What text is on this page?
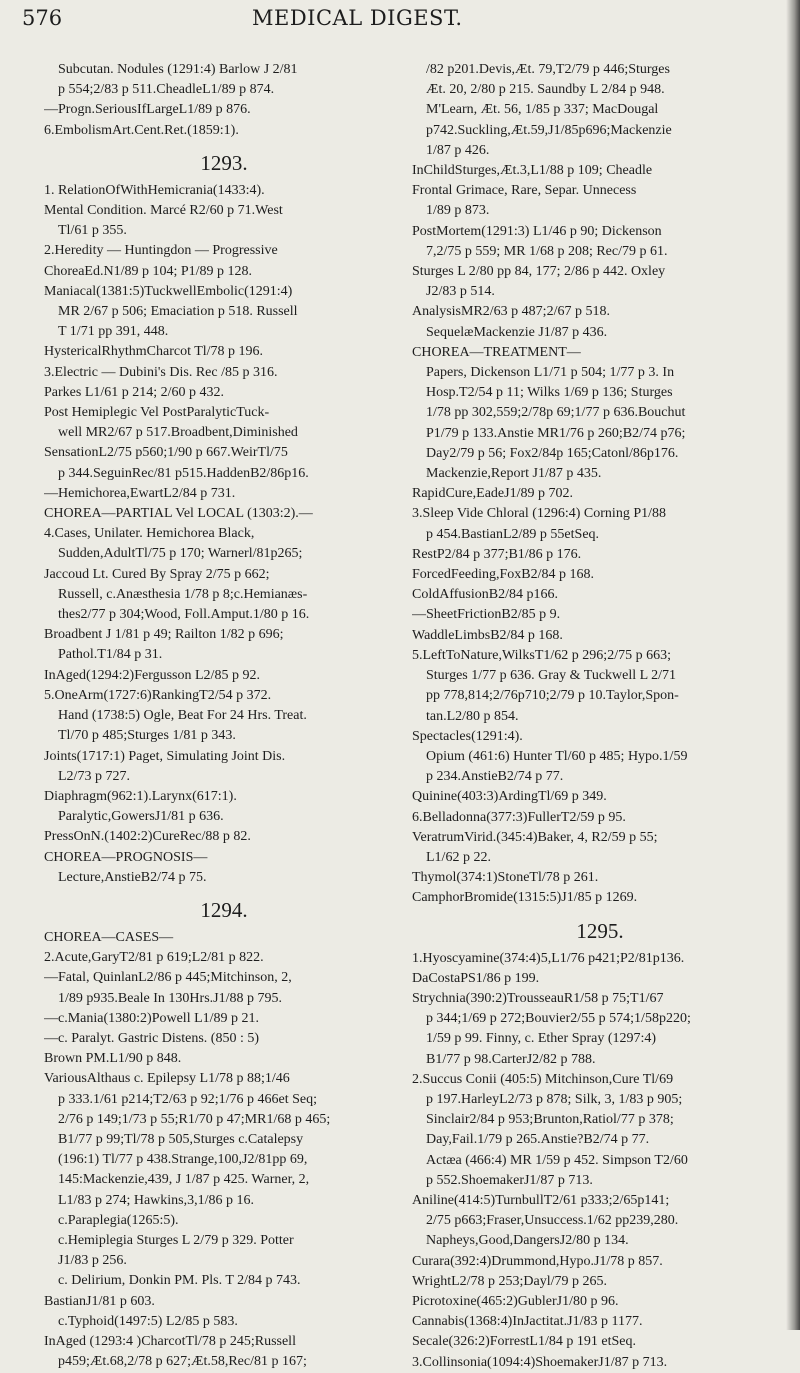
576	MEDICAL DIGEST.
Subcutan. Nodules (1291:4) Barlow J 2/81
p 554;2/83 p 511.CheadleL1/89 p 874.
—Progn.SeriousIfLargeL1/89 p 876.
6.EmbolismArt.Cent.Ret.(1859:1).
1293.
1. RelationOfWithHemicrania(1433:4).
Mental Condition. Marcé R2/60 p 71.West
Tl/61 p 355.
2.Heredity — Huntingdon — Progressive
ChoreaEd.N1/89 p 104; P1/89 p 128.
Maniacal(1381:5)TuckwellEmbolic(1291:4)
MR 2/67 p 506; Emaciation p 518. Russell
T 1/71 pp 391, 448.
HystericalRhythmCharcot Tl/78 p 196.
3.Electric — Dubini's Dis. Rec /85 p 316.
Parkes L1/61 p 214; 2/60 p 432.
Post Hemiplegic Vel PostParalyticTuck-
well MR2/67 p 517.Broadbent,Diminished
SensationL2/75 p560;1/90 p 667.WeirTl/75
p 344.SeguinRec/81 p515.HaddenB2/86p16.
—Hemichorea,EwartL2/84 p 731.
CHOREA—PARTIAL Vel LOCAL (1303:2).—
4.Cases, Unilater. Hemichorea Black,
Sudden,AdultTl/75 p 170; Warnerl/81p265;
Jaccoud Lt. Cured By Spray 2/75 p 662;
Russell, c.Anæsthesia 1/78 p 8;c.Hemianæs-
thes2/77 p 304;Wood, Foll.Amput.1/80 p 16.
Broadbent J 1/81 p 49; Railton 1/82 p 696;
Pathol.T1/84 p 31.
InAged(1294:2)Fergusson L2/85 p 92.
5.OneArm(1727:6)RankingT2/54 p 372.
Hand (1738:5) Ogle, Beat For 24 Hrs. Treat.
Tl/70 p 485;Sturges 1/81 p 343.
Joints(1717:1) Paget, Simulating Joint Dis.
L2/73 p 727.
Diaphragm(962:1).Larynx(617:1).
Paralytic,GowersJ1/81 p 636.
PressOnN.(1402:2)CureRec/88 p 82.
CHOREA—PROGNOSIS—
Lecture,AnstieB2/74 p 75.
1294.
CHOREA—CASES—
2.Acute,GaryT2/81 p 619;L2/81 p 822.
—Fatal, QuinlanL2/86 p 445;Mitchinson, 2,
1/89 p935.Beale In 130Hrs.J1/88 p 795.
—c.Mania(1380:2)Powell L1/89 p 21.
—c. Paralyt. Gastric Distens. (850 : 5)
Brown PM.L1/90 p 848.
VariousAlthaus c. Epilepsy L1/78 p 88;1/46
p 333.1/61 p214;T2/63 p 92;1/76 p 466et Seq;
2/76 p 149;1/73 p 55;R1/70 p 47;MR1/68 p 465;
B1/77 p 99;Tl/78 p 505,Sturges c.Catalepsy
(196:1) Tl/77 p 438.Strange,100,J2/81pp 69,
145:Mackenzie,439, J 1/87 p 425. Warner, 2,
L1/83 p 274; Hawkins,3,1/86 p 16.
c.Paraplegia(1265:5).
c.Hemiplegia Sturges L 2/79 p 329. Potter
J1/83 p 256.
c. Delirium, Donkin PM. Pls. T 2/84 p 743.
BastianJ1/81 p 603.
c.Typhoid(1497:5) L2/85 p 583.
InAged (1293:4 )CharcotTl/78 p 245;Russell
p459;Æt.68,2/78 p 627;Æt.58,Rec/81 p 167;
/82 p201.Devis,Æt. 79,T2/79 p 446;Sturges
Æt. 20, 2/80 p 215. Saundby L 2/84 p 948.
M'Learn, Æt. 56, 1/85 p 337; MacDougal
p742.Suckling,Æt.59,J1/85p696;Mackenzie
1/87 p 426.
InChildSturges,Æt.3,L1/88 p 109; Cheadle
Frontal Grimace, Rare, Separ. Unnecess
1/89 p 873.
PostMortem(1291:3) L1/46 p 90; Dickenson
7,2/75 p 559; MR 1/68 p 208; Rec/79 p 61.
Sturges L 2/80 pp 84, 177; 2/86 p 442. Oxley
J2/83 p 514.
AnalysisMR2/63 p 487;2/67 p 518.
SequelæMackenzie J1/87 p 436.
CHOREA—TREATMENT—
Papers, Dickenson L1/71 p 504; 1/77 p 3. In
Hosp.T2/54 p 11; Wilks 1/69 p 136; Sturges
1/78 pp 302,559;2/78p 69;1/77 p 636.Bouchut
P1/79 p 133.Anstie MR1/76 p 260;B2/74 p76;
Day2/79 p 56; Fox2/84p 165;Catonl/86p176.
Mackenzie,Report J1/87 p 435.
RapidCure,EadeJ1/89 p 702.
3.Sleep Vide Chloral (1296:4) Corning P1/88
p 454.BastianL2/89 p 55etSeq.
RestP2/84 p 377;B1/86 p 176.
ForcedFeeding,FoxB2/84 p 168.
ColdAffusionB2/84 p166.
—SheetFrictionB2/85 p 9.
WaddleLimbsB2/84 p 168.
5.LeftToNature,WilksT1/62 p 296;2/75 p 663;
Sturges 1/77 p 636. Gray & Tuckwell L 2/71
pp 778,814;2/76p710;2/79 p 10.Taylor,Spon-
tan.L2/80 p 854.
Spectacles(1291:4).
Opium (461:6) Hunter Tl/60 p 485; Hypo.1/59
p 234.AnstieB2/74 p 77.
Quinine(403:3)ArdingTl/69 p 349.
6.Belladonna(377:3)FullerT2/59 p 95.
VeratrumVirid.(345:4)Baker, 4, R2/59 p 55;
L1/62 p 22.
Thymol(374:1)StoneTl/78 p 261.
CamphorBromide(1315:5)J1/85 p 1269.
1295.
1.Hyoscyamine(374:4)5,L1/76 p421;P2/81p136.
DaCostaPS1/86 p 199.
Strychnia(390:2)TrousseauR1/58 p 75;T1/67
p 344;1/69 p 272;Bouvier2/55 p 574;1/58p220;
1/59 p 99. Finny, c. Ether Spray (1297:4)
B1/77 p 98.CarterJ2/82 p 788.
2.Succus Conii (405:5) Mitchinson,Cure Tl/69
p 197.HarleyL2/73 p 878; Silk, 3, 1/83 p 905;
Sinclair2/84 p 953;Brunton,Ratiol/77 p 378;
Day,Fail.1/79 p 265.Anstie?B2/74 p 77.
Actæa (466:4) MR 1/59 p 452. Simpson T2/60
p 552.ShoemakerJ1/87 p 713.
Aniline(414:5)TurnbullT2/61 p333;2/65p141;
2/75 p663;Fraser,Unsuccess.1/62 pp239,280.
Napheys,Good,DangersJ2/80 p 134.
Curara(392:4)Drummond,Hypo.J1/78 p 857.
WrightL2/78 p 253;Dayl/79 p 265.
Picrotoxine(465:2)GublerJ1/80 p 96.
Cannabis(1368:4)InJactitat.J1/83 p 1177.
Secale(326:2)ForrestL1/84 p 191 etSeq.
3.Collinsonia(1094:4)ShoemakerJ1/87 p 713.
